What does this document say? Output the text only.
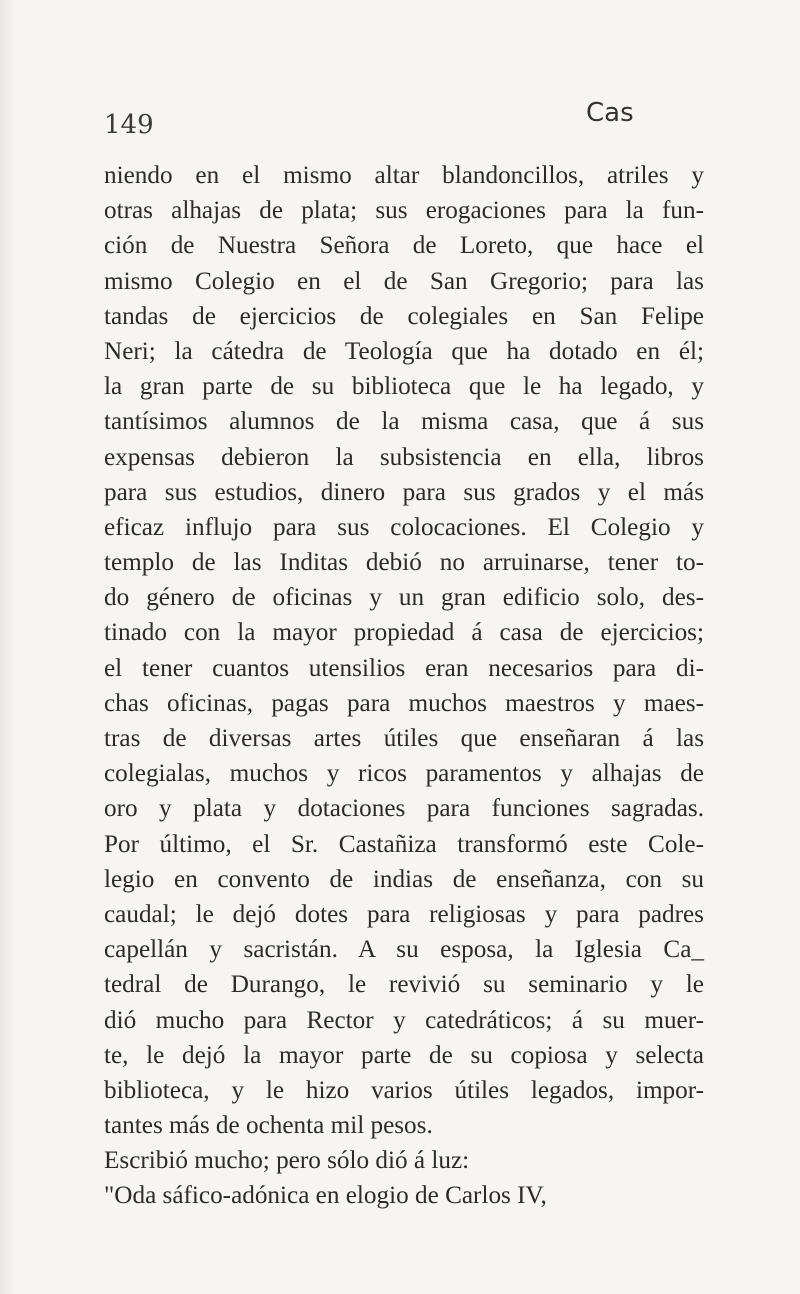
149	Cas
niendo en el mismo altar blandoncillos, atriles y
otras alhajas de plata; sus erogaciones para la fun-
ción de Nuestra Señora de Loreto, que hace el
mismo Colegio en el de San Gregorio; para las
tandas de ejercicios de colegiales en San Felipe
Neri; la cátedra de Teología que ha dotado en él;
la gran parte de su biblioteca que le ha legado, y
tantísimos alumnos de la misma casa, que á sus
expensas debieron la subsistencia en ella, libros
para sus estudios, dinero para sus grados y el más
eficaz influjo para sus colocaciones. El Colegio y
templo de las Inditas debió no arruinarse, tener to-
do género de oficinas y un gran edificio solo, des-
tinado con la mayor propiedad á casa de ejercicios;
el tener cuantos utensilios eran necesarios para di-
chas oficinas, pagas para muchos maestros y maes-
tras de diversas artes útiles que enseñaran á las
colegialas, muchos y ricos paramentos y alhajas de
oro y plata y dotaciones para funciones sagradas.
Por último, el Sr. Castañiza transformó este Cole-
legio en convento de indias de enseñanza, con su
caudal; le dejó dotes para religiosas y para padres
capellán y sacristán. A su esposa, la Iglesia Ca_
tedral de Durango, le revivió su seminario y le
dió mucho para Rector y catedráticos; á su muer-
te, le dejó la mayor parte de su copiosa y selecta
biblioteca, y le hizo varios útiles legados, impor-
tantes más de ochenta mil pesos.
Escribió mucho; pero sólo dió á luz:
"Oda sáfico-adónica en elogio de Carlos IV,
